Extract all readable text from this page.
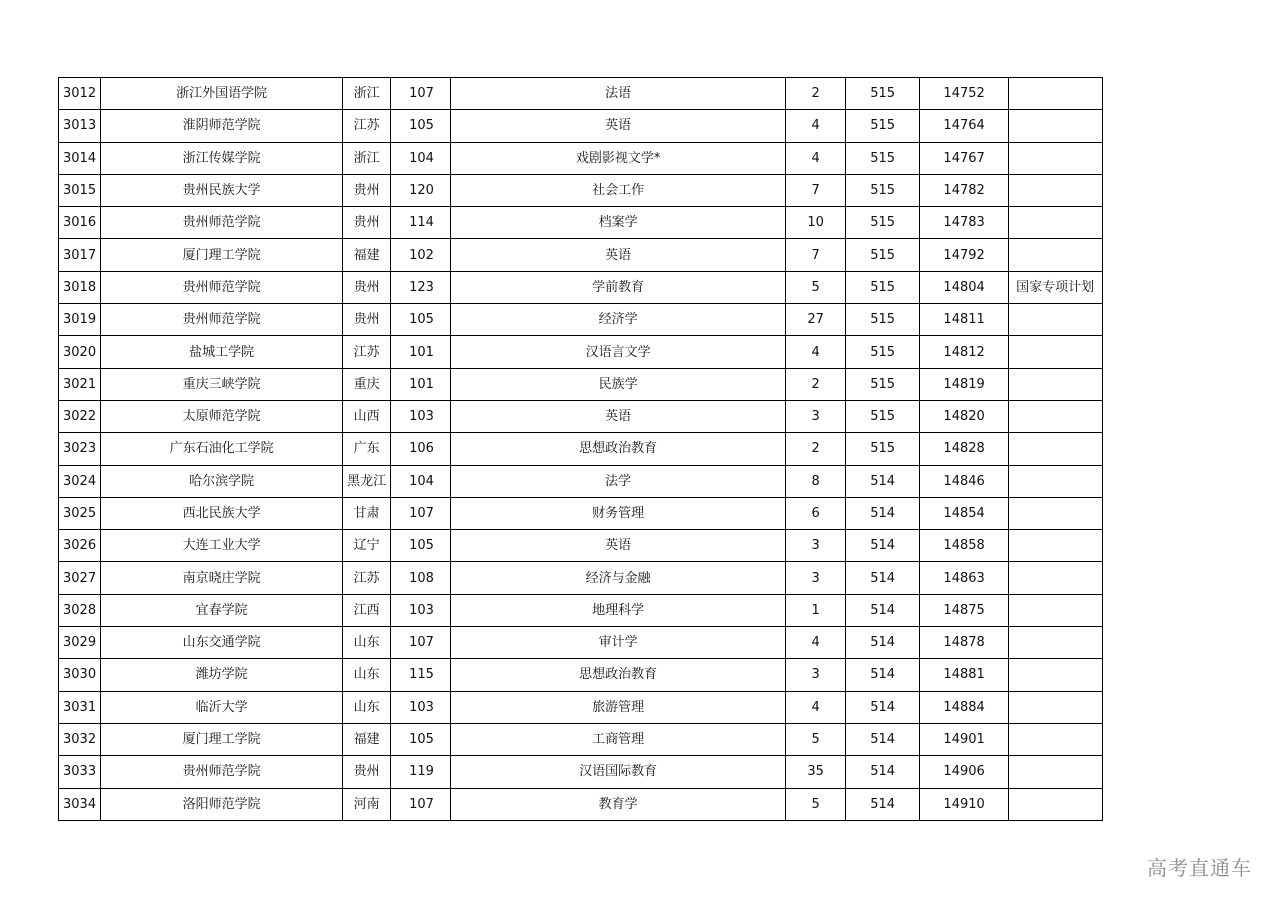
3012	浙江外国语学院	浙江	107	法语	2	515	14752	
3013	淮阴师范学院	江苏	105	英语	4	515	14764	
3014	浙江传媒学院	浙江	104	戏剧影视文学*	4	515	14767	
3015	贵州民族大学	贵州	120	社会工作	7	515	14782	
3016	贵州师范学院	贵州	114	档案学	10	515	14783	
3017	厦门理工学院	福建	102	英语	7	515	14792	
3018	贵州师范学院	贵州	123	学前教育	5	515	14804	国家专项计划
3019	贵州师范学院	贵州	105	经济学	27	515	14811	
3020	盐城工学院	江苏	101	汉语言文学	4	515	14812	
3021	重庆三峡学院	重庆	101	民族学	2	515	14819	
3022	太原师范学院	山西	103	英语	3	515	14820	
3023	广东石油化工学院	广东	106	思想政治教育	2	515	14828	
3024	哈尔滨学院	黑龙江	104	法学	8	514	14846	
3025	西北民族大学	甘肃	107	财务管理	6	514	14854	
3026	大连工业大学	辽宁	105	英语	3	514	14858	
3027	南京晓庄学院	江苏	108	经济与金融	3	514	14863	
3028	宜春学院	江西	103	地理科学	1	514	14875	
3029	山东交通学院	山东	107	审计学	4	514	14878	
3030	潍坊学院	山东	115	思想政治教育	3	514	14881	
3031	临沂大学	山东	103	旅游管理	4	514	14884	
3032	厦门理工学院	福建	105	工商管理	5	514	14901	
3033	贵州师范学院	贵州	119	汉语国际教育	35	514	14906	
3034	洛阳师范学院	河南	107	教育学	5	514	14910	
高考直通车
